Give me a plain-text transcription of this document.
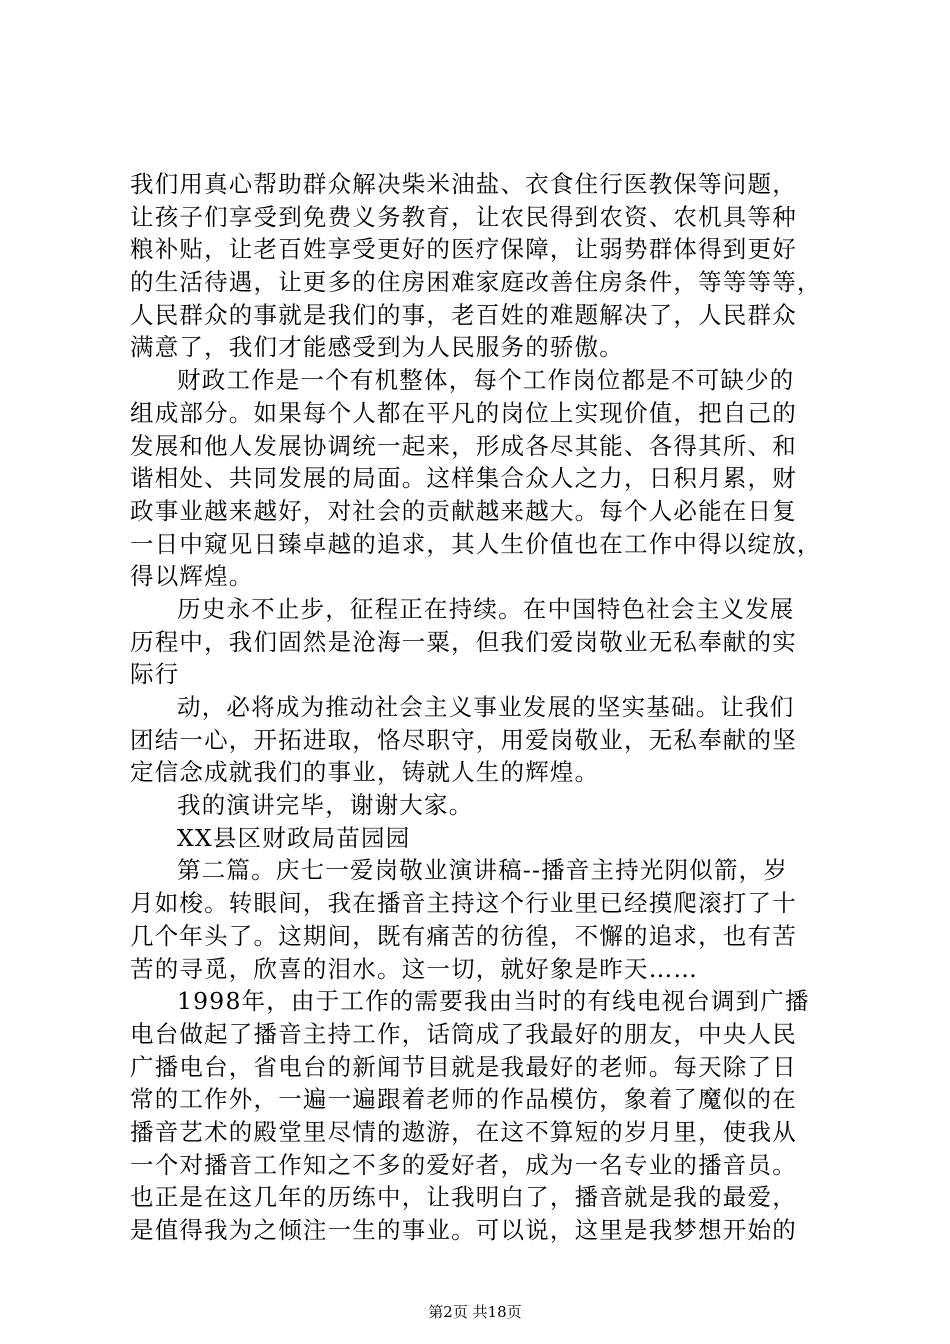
我们用真心帮助群众解决柴米油盐、衣食住行医教保等问题，
让孩子们享受到免费义务教育，让农民得到农资、农机具等种
粮补贴，让老百姓享受更好的医疗保障，让弱势群体得到更好
的生活待遇，让更多的住房困难家庭改善住房条件，等等等等，
人民群众的事就是我们的事，老百姓的难题解决了，人民群众
满意了，我们才能感受到为人民服务的骄傲。
财政工作是一个有机整体，每个工作岗位都是不可缺少的
组成部分。如果每个人都在平凡的岗位上实现价值，把自己的
发展和他人发展协调统一起来，形成各尽其能、各得其所、和
谐相处、共同发展的局面。这样集合众人之力，日积月累，财
政事业越来越好，对社会的贡献越来越大。每个人必能在日复
一日中窥见日臻卓越的追求，其人生价值也在工作中得以绽放，
得以辉煌。
历史永不止步，征程正在持续。在中国特色社会主义发展
历程中，我们固然是沧海一粟，但我们爱岗敬业无私奉献的实
际行
动，必将成为推动社会主义事业发展的坚实基础。让我们
团结一心，开拓进取，恪尽职守，用爱岗敬业，无私奉献的坚
定信念成就我们的事业，铸就人生的辉煌。
我的演讲完毕，谢谢大家。
XX县区财政局苗园园
第二篇。庆七一爱岗敬业演讲稿--播音主持光阴似箭，岁
月如梭。转眼间，我在播音主持这个行业里已经摸爬滚打了十
几个年头了。这期间，既有痛苦的彷徨，不懈的追求，也有苦
苦的寻觅，欣喜的泪水。这一切，就好象是昨天……
1998年，由于工作的需要我由当时的有线电视台调到广播
电台做起了播音主持工作，话筒成了我最好的朋友，中央人民
广播电台，省电台的新闻节目就是我最好的老师。每天除了日
常的工作外，一遍一遍跟着老师的作品模仿，象着了魔似的在
播音艺术的殿堂里尽情的遨游，在这不算短的岁月里，使我从
一个对播音工作知之不多的爱好者，成为一名专业的播音员。
也正是在这几年的历练中，让我明白了，播音就是我的最爱，
是值得我为之倾注一生的事业。可以说，这里是我梦想开始的
第2页 共18页
